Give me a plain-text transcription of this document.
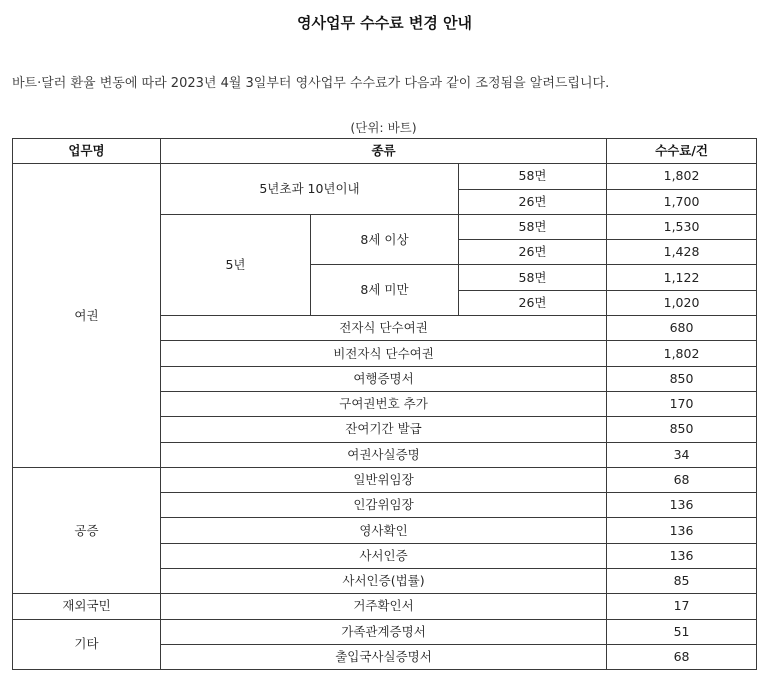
영사업무 수수료 변경 안내
바트·달러 환율 변동에 따라 2023년 4월 3일부터 영사업무 수수료가 다음과 같이 조정됨을 알려드립니다.
(단위: 바트)
업무명	종류			수수료/건
여권	5년초과 10년이내		58면	1,802
			26면	1,700
	5년	8세 이상	58면	1,530
			26면	1,428
		8세 미만	58면	1,122
			26면	1,020
	전자식 단수여권			680
	비전자식 단수여권			1,802
	여행증명서			850
	구여권번호 추가			170
	잔여기간 발급			850
	여권사실증명			34
공증	일반위임장			68
	인감위임장			136
	영사확인			136
	사서인증			136
	사서인증(법률)			85
재외국민	거주확인서			17
기타	가족관계증명서			51
	출입국사실증명서			68
